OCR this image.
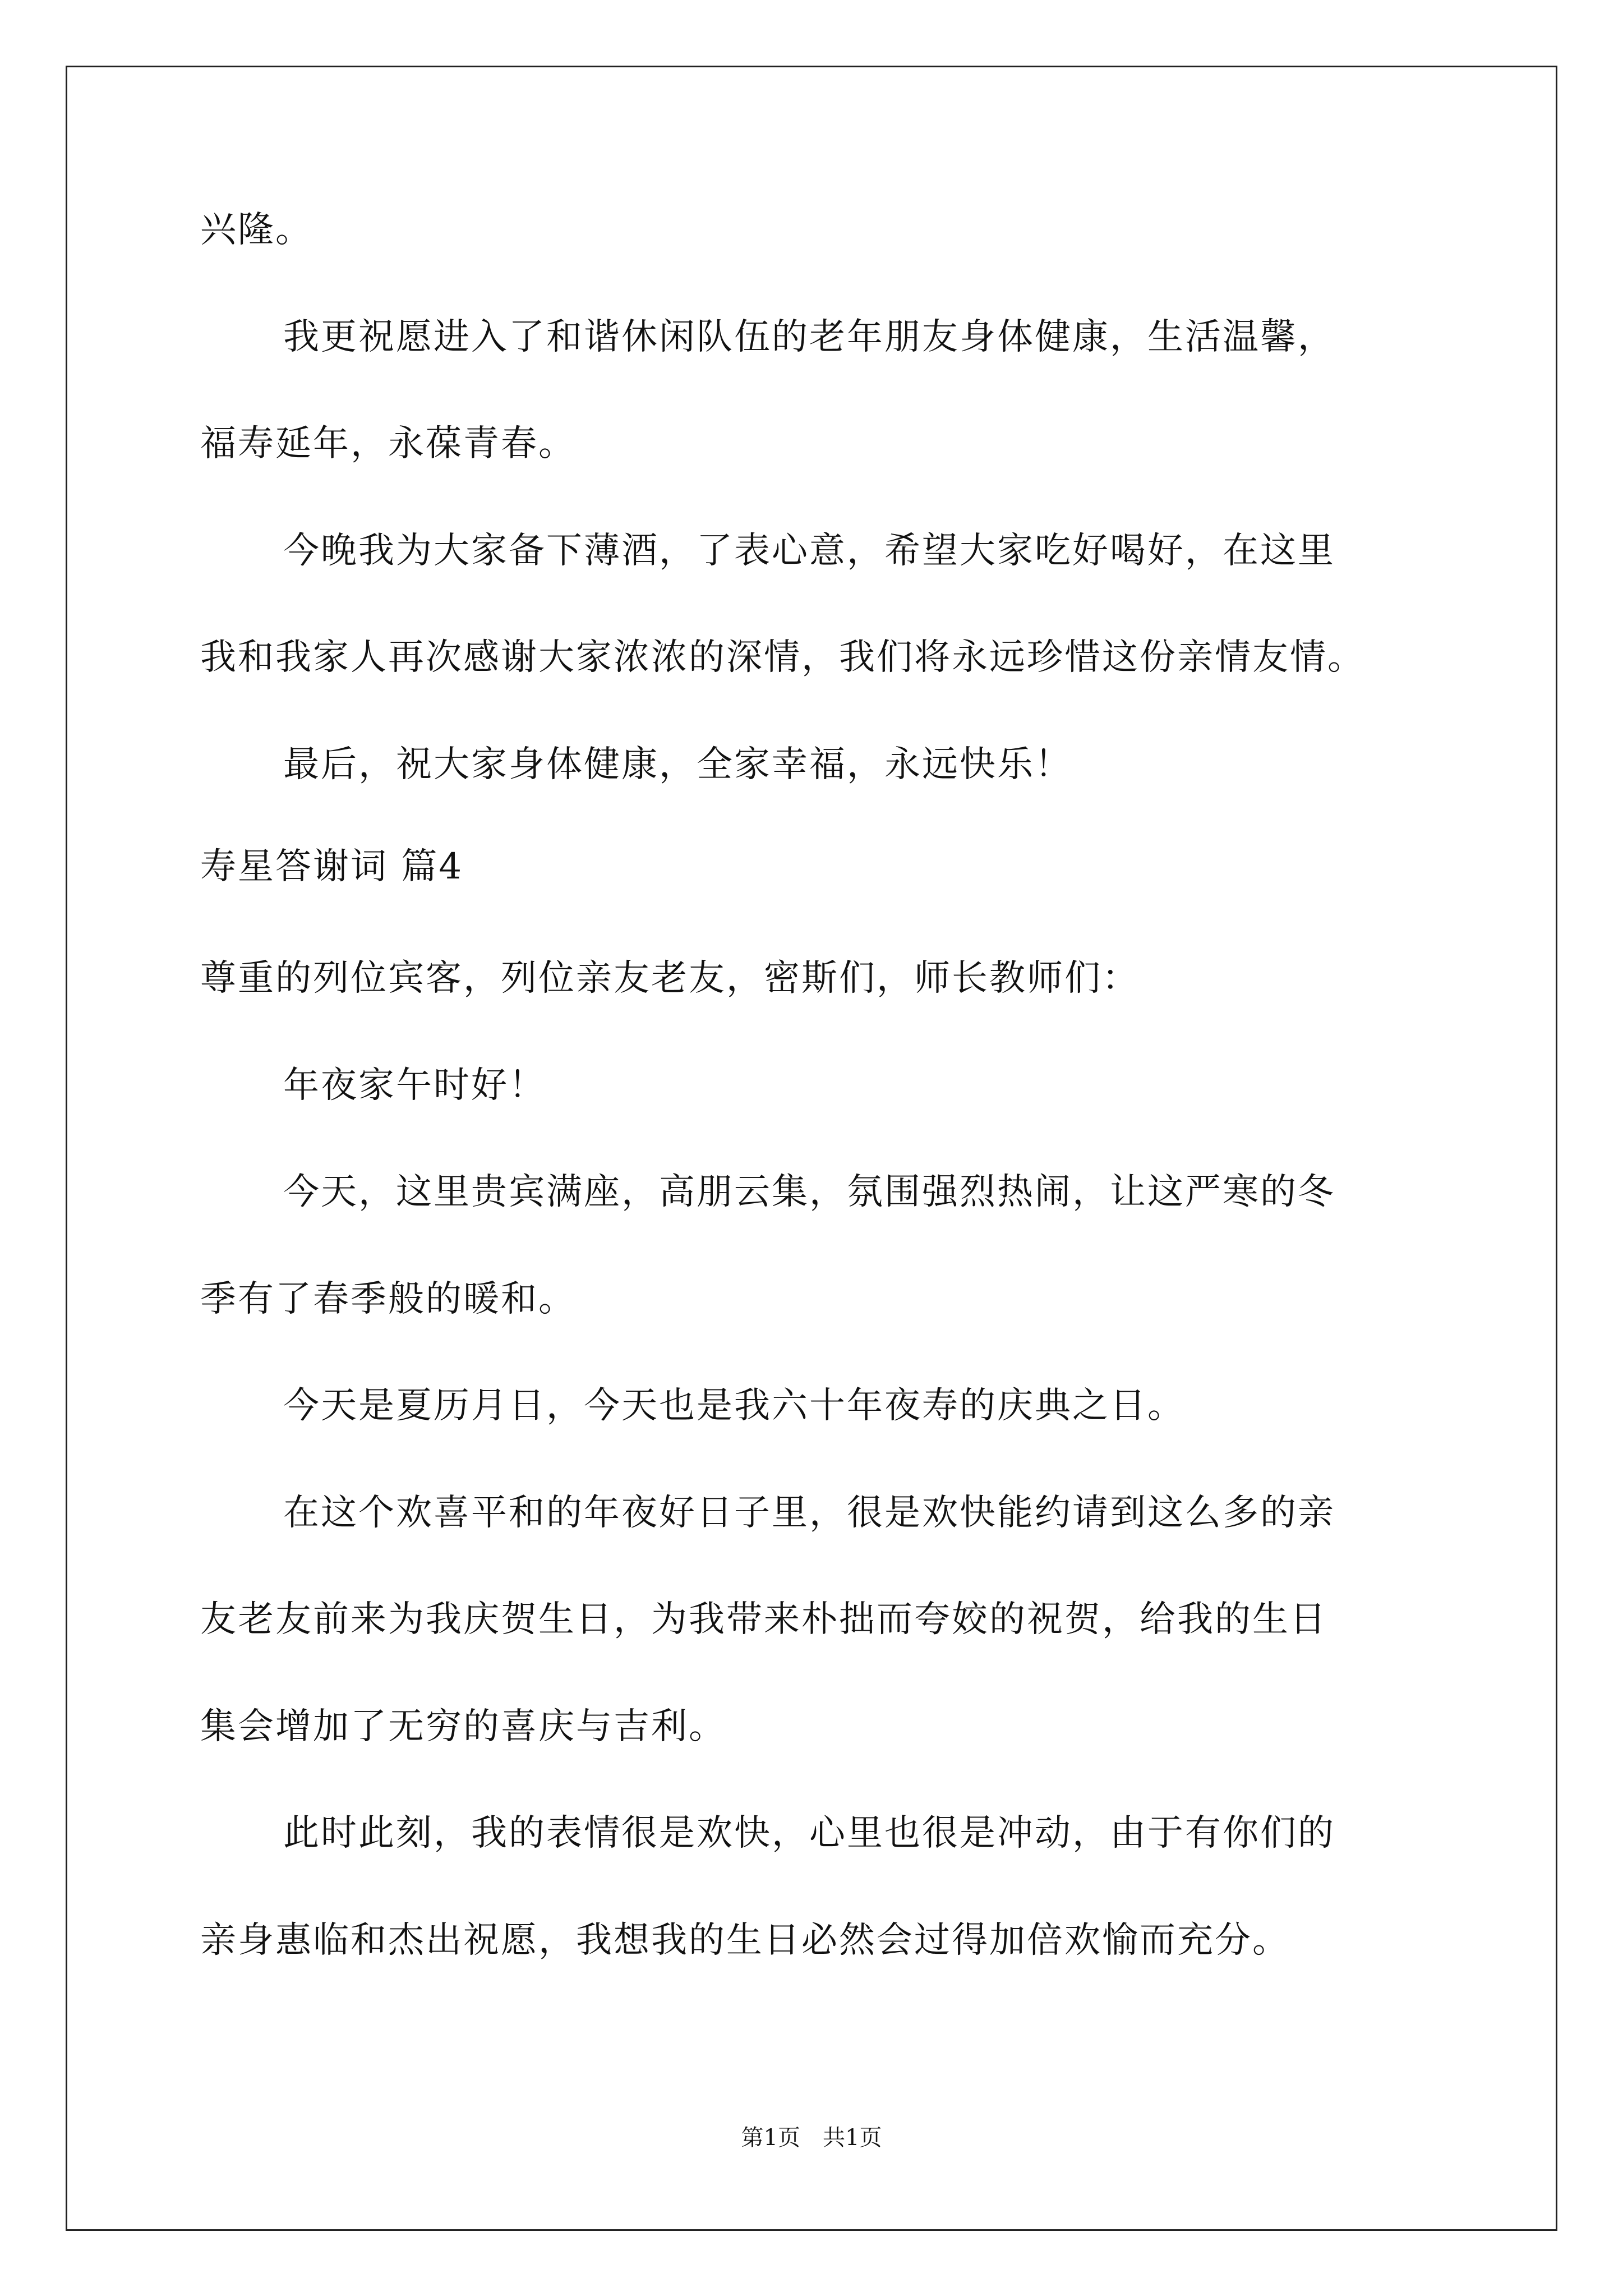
兴隆。
我更祝愿进入了和谐休闲队伍的老年朋友身体健康，生活温馨，
福寿延年，永葆青春。
今晚我为大家备下薄酒，了表心意，希望大家吃好喝好，在这里
我和我家人再次感谢大家浓浓的深情，我们将永远珍惜这份亲情友情。
最后，祝大家身体健康，全家幸福，永远快乐！
寿星答谢词 篇4
尊重的列位宾客，列位亲友老友，密斯们，师长教师们：
年夜家午时好！
今天，这里贵宾满座，高朋云集，氛围强烈热闹，让这严寒的冬
季有了春季般的暖和。
今天是夏历月日，今天也是我六十年夜寿的庆典之日。
在这个欢喜平和的年夜好日子里，很是欢快能约请到这么多的亲
友老友前来为我庆贺生日，为我带来朴拙而夸姣的祝贺，给我的生日
集会增加了无穷的喜庆与吉利。
此时此刻，我的表情很是欢快，心里也很是冲动，由于有你们的
亲身惠临和杰出祝愿，我想我的生日必然会过得加倍欢愉而充分。
第1页 共1页
